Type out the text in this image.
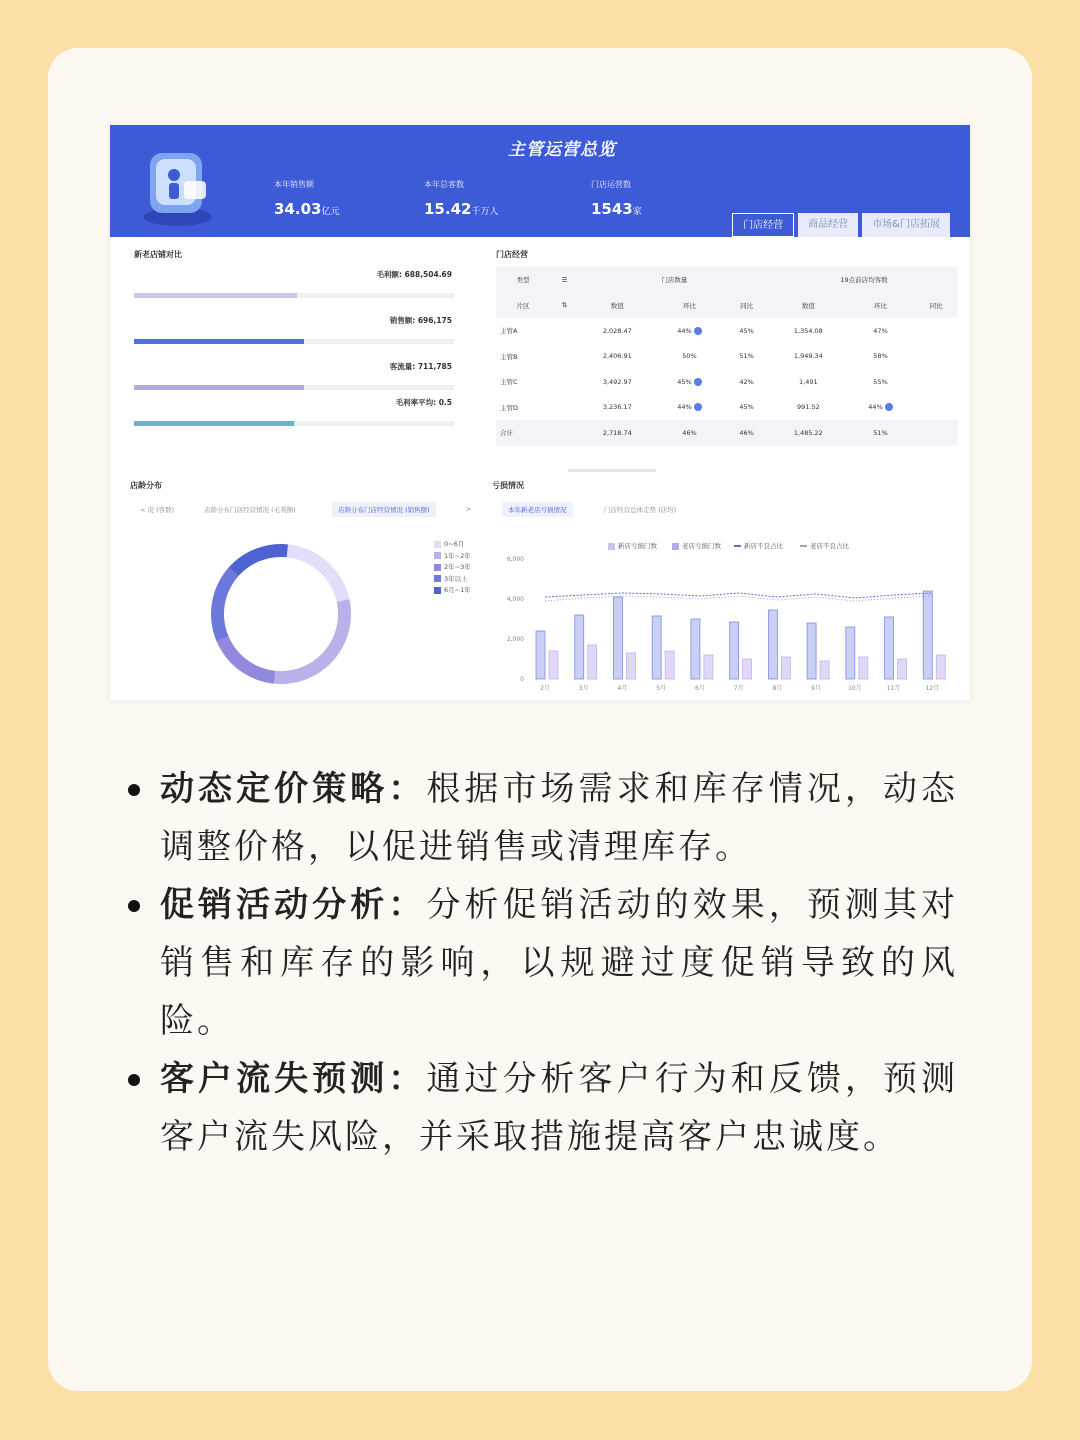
主管运营总览
本年销售额
34.03亿元
本年总客数
15.42千万人
门店运营数
1543家
门店经营	商品经营	市场&门店拓展
新老店铺对比
毛利额: 688,504.69
销售额: 696,175
客流量: 711,785
毛利率平均: 0.5
门店经营
类型	☰	门店数量			19点前店均客数		
片区	⇅	数值	环比	同比	数值	环比	同比
主管A		2,028.47	44%	45%	1,354.08	47%	
主管B		2,406.91	50%	51%	1,949.34	58%	
主管C		3,492.97	45%	42%	1,491	55%	
主管D		3,236.17	44%	45%	991.52	44%	
合计		2,718.74	46%	46%	1,485.22	51%	
店龄分布
< 况 (客数)	店龄分布门店经营情况 (毛利额)	店龄分布门店经营情况 (销售额)	>
0~6月
1年~2年
2年~3年
3年以上
6月~1年
亏损情况
本年新老店亏损情况	门店经营总体走势 (店均)
新店亏损门数	老店亏损门数	新店不良占比	老店不良占比
0
2,000
4,000
6,000
2月	3月	4月	5月	6月	7月	8月	9月	10月	11月	12月
动态定价策略：根据市场需求和库存情况，动态调整价格，以促进销售或清理库存。
促销活动分析：分析促销活动的效果，预测其对销售和库存的影响，以规避过度促销导致的风险。
客户流失预测：通过分析客户行为和反馈，预测客户流失风险，并采取措施提高客户忠诚度。
